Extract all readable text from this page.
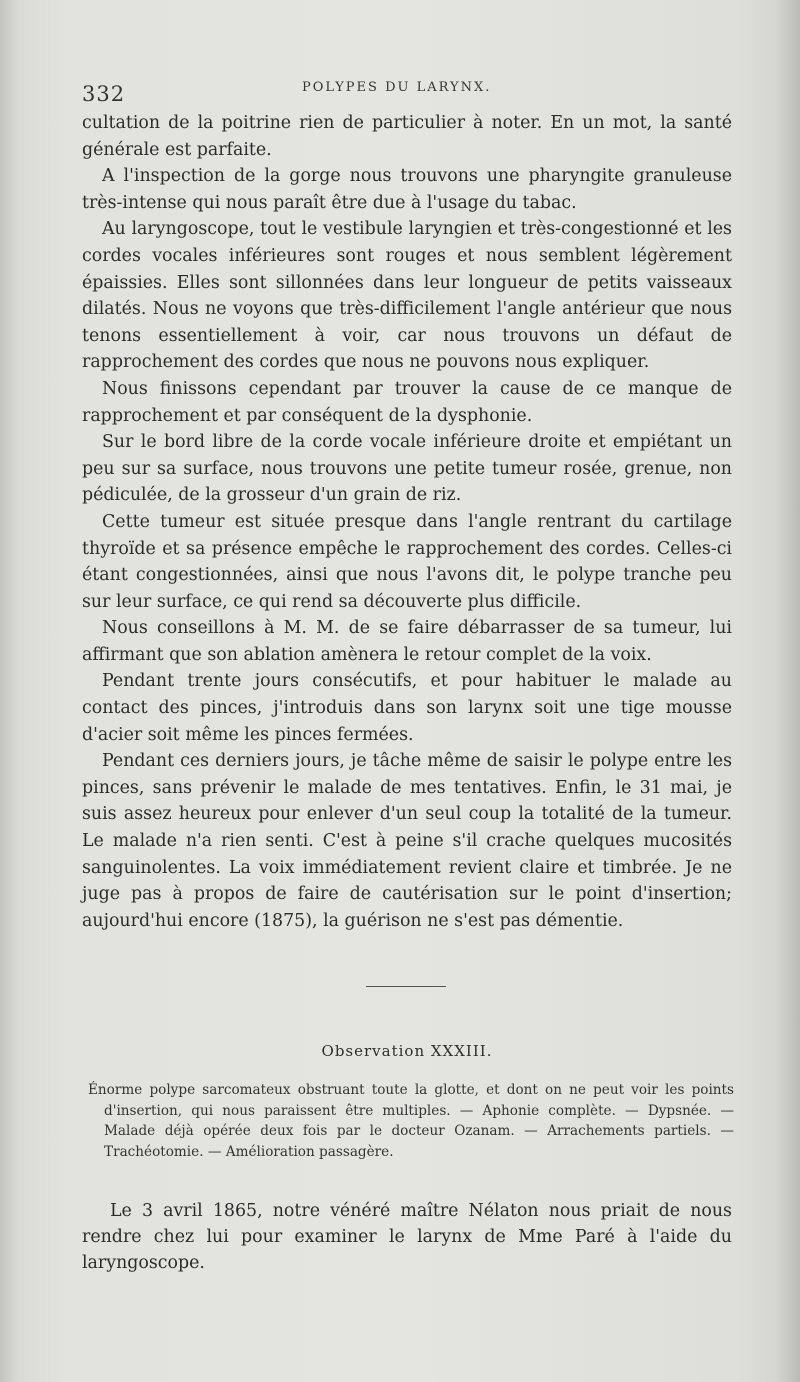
332	POLYPES DU LARYNX.

cultation de la poitrine rien de particulier à noter. En un mot, la santé générale est parfaite.

A l'inspection de la gorge nous trouvons une pharyngite granuleuse très-intense qui nous paraît être due à l'usage du tabac.

Au laryngoscope, tout le vestibule laryngien et très-congestionné et les cordes vocales inférieures sont rouges et nous semblent légèrement épaissies. Elles sont sillonnées dans leur longueur de petits vaisseaux dilatés. Nous ne voyons que très-difficilement l'angle antérieur que nous tenons essentiellement à voir, car nous trouvons un défaut de rapprochement des cordes que nous ne pouvons nous expliquer.

Nous finissons cependant par trouver la cause de ce manque de rapprochement et par conséquent de la dysphonie.

Sur le bord libre de la corde vocale inférieure droite et empiétant un peu sur sa surface, nous trouvons une petite tumeur rosée, grenue, non pédiculée, de la grosseur d'un grain de riz.

Cette tumeur est située presque dans l'angle rentrant du cartilage thyroïde et sa présence empêche le rapprochement des cordes. Celles-ci étant congestionnées, ainsi que nous l'avons dit, le polype tranche peu sur leur surface, ce qui rend sa découverte plus difficile.

Nous conseillons à M. M. de se faire débarrasser de sa tumeur, lui affirmant que son ablation amènera le retour complet de la voix.

Pendant trente jours consécutifs, et pour habituer le malade au contact des pinces, j'introduis dans son larynx soit une tige mousse d'acier soit même les pinces fermées.

Pendant ces derniers jours, je tâche même de saisir le polype entre les pinces, sans prévenir le malade de mes tentatives. Enfin, le 31 mai, je suis assez heureux pour enlever d'un seul coup la totalité de la tumeur. Le malade n'a rien senti. C'est à peine s'il crache quelques mucosités sanguinolentes. La voix immédiatement revient claire et timbrée. Je ne juge pas à propos de faire de cautérisation sur le point d'insertion; aujourd'hui encore (1875), la guérison ne s'est pas démentie.

Observation XXXIII.

Énorme polype sarcomateux obstruant toute la glotte, et dont on ne peut voir les points d'insertion, qui nous paraissent être multiples. — Aphonie complète. — Dypsnée. — Malade déjà opérée deux fois par le docteur Ozanam. — Arrachements partiels. — Trachéotomie. — Amélioration passagère.

Le 3 avril 1865, notre vénéré maître Nélaton nous priait de nous rendre chez lui pour examiner le larynx de Mme Paré à l'aide du laryngoscope.
